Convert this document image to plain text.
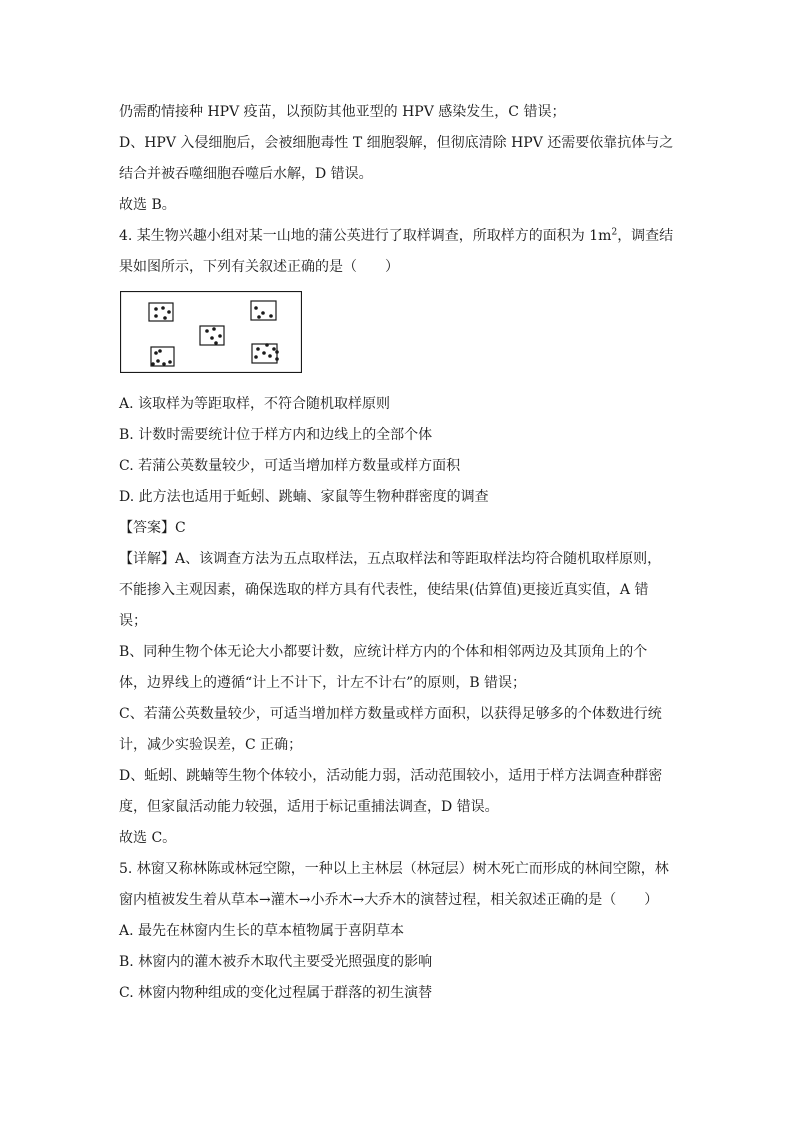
仍需酌情接种 HPV 疫苗，以预防其他亚型的 HPV 感染发生，C 错误；
D、HPV 入侵细胞后，会被细胞毒性 T 细胞裂解，但彻底清除 HPV 还需要依靠抗体与之
结合并被吞噬细胞吞噬后水解，D 错误。
故选 B。
4. 某生物兴趣小组对某一山地的蒲公英进行了取样调查，所取样方的面积为 $1m^2$，调查结
果如图所示，下列有关叙述正确的是（　　）
A. 该取样为等距取样，不符合随机取样原则
B. 计数时需要统计位于样方内和边线上的全部个体
C. 若蒲公英数量较少，可适当增加样方数量或样方面积
D. 此方法也适用于蚯蚓、跳蝻、家鼠等生物种群密度的调查
【答案】C
【详解】A、该调查方法为五点取样法，五点取样法和等距取样法均符合随机取样原则，
不能掺入主观因素，确保选取的样方具有代表性，使结果(估算值)更接近真实值，A 错
误；
B、同种生物个体无论大小都要计数，应统计样方内的个体和相邻两边及其顶角上的个
体，边界线上的遵循“计上不计下，计左不计右”的原则，B 错误；
C、若蒲公英数量较少，可适当增加样方数量或样方面积，以获得足够多的个体数进行统
计，减少实验误差，C 正确；
D、蚯蚓、跳蝻等生物个体较小，活动能力弱，活动范围较小，适用于样方法调查种群密
度，但家鼠活动能力较强，适用于标记重捕法调查，D 错误。
故选 C。
5. 林窗又称林陈或林冠空隙，一种以上主林层（林冠层）树木死亡而形成的林间空隙，林
窗内植被发生着从草本→灌木→小乔木→大乔木的演替过程，相关叙述正确的是（　　）
A. 最先在林窗内生长的草本植物属于喜阴草本
B. 林窗内的灌木被乔木取代主要受光照强度的影响
C. 林窗内物种组成的变化过程属于群落的初生演替
